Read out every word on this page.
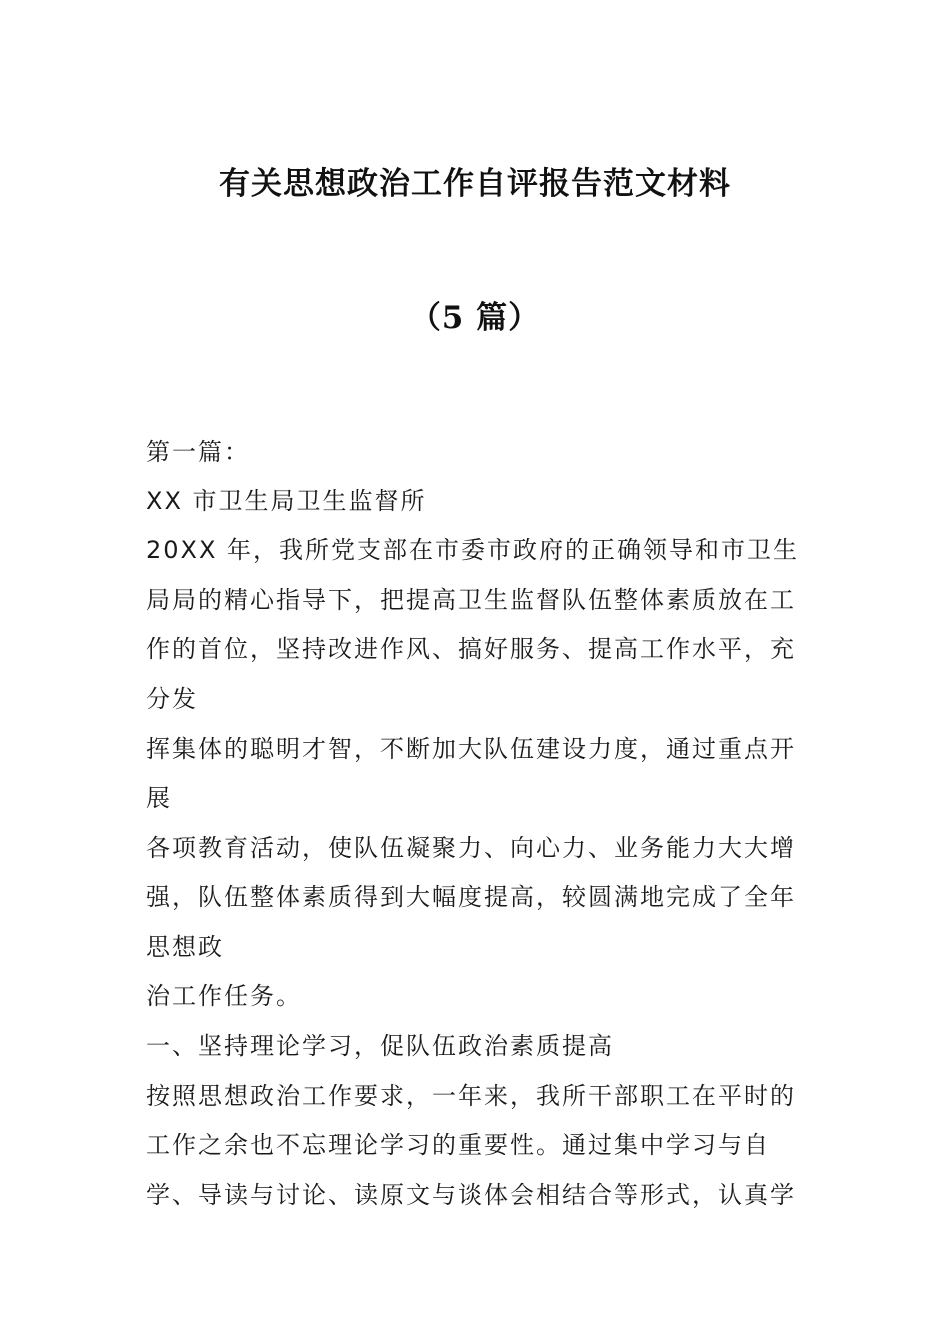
有关思想政治工作自评报告范文材料
（5 篇）

第一篇：

XX 市卫生局卫生监督所

20XX 年，我所党支部在市委市政府的正确领导和市卫生

局局的精心指导下，把提高卫生监督队伍整体素质放在工

作的首位，坚持改进作风、搞好服务、提高工作水平，充

分发

挥集体的聪明才智，不断加大队伍建设力度，通过重点开

展

各项教育活动，使队伍凝聚力、向心力、业务能力大大增

强，队伍整体素质得到大幅度提高，较圆满地完成了全年

思想政

治工作任务。

一、坚持理论学习，促队伍政治素质提高

按照思想政治工作要求，一年来，我所干部职工在平时的

工作之余也不忘理论学习的重要性。通过集中学习与自

学、导读与讨论、读原文与谈体会相结合等形式，认真学
